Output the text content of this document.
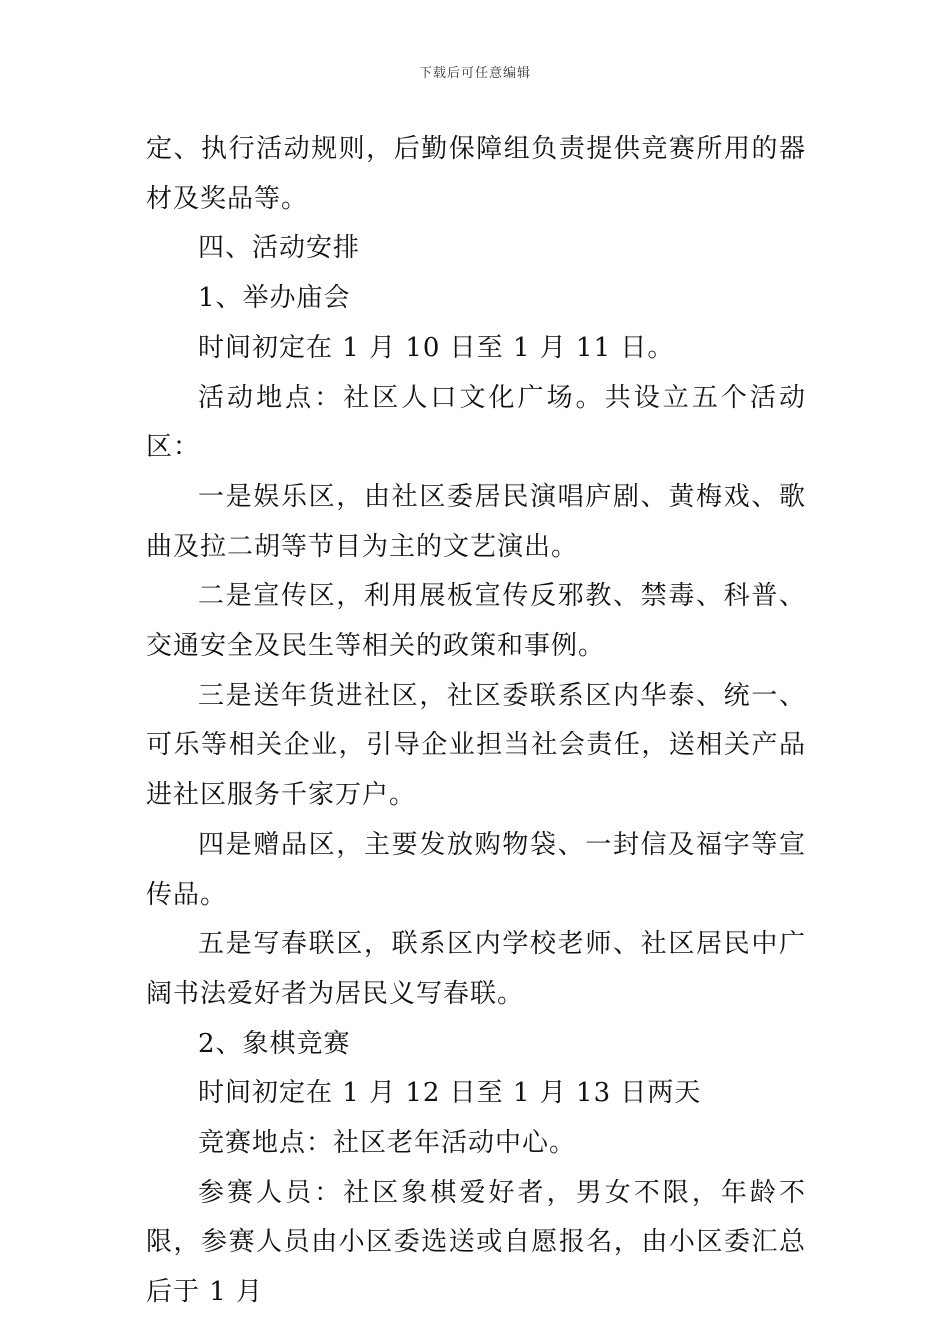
下载后可任意编辑

定、执行活动规则，后勤保障组负责提供竞赛所用的器材及奖品等。

四、活动安排

1、举办庙会

时间初定在 1 月 10 日至 1 月 11 日。

活动地点：社区人口文化广场。共设立五个活动区：

一是娱乐区，由社区委居民演唱庐剧、黄梅戏、歌曲及拉二胡等节目为主的文艺演出。

二是宣传区，利用展板宣传反邪教、禁毒、科普、交通安全及民生等相关的政策和事例。

三是送年货进社区，社区委联系区内华泰、统一、可乐等相关企业，引导企业担当社会责任，送相关产品进社区服务千家万户。

四是赠品区，主要发放购物袋、一封信及福字等宣传品。

五是写春联区，联系区内学校老师、社区居民中广阔书法爱好者为居民义写春联。

2、象棋竞赛

时间初定在 1 月 12 日至 1 月 13 日两天

竞赛地点：社区老年活动中心。

参赛人员：社区象棋爱好者，男女不限，年龄不限，参赛人员由小区委选送或自愿报名，由小区委汇总后于 1 月
